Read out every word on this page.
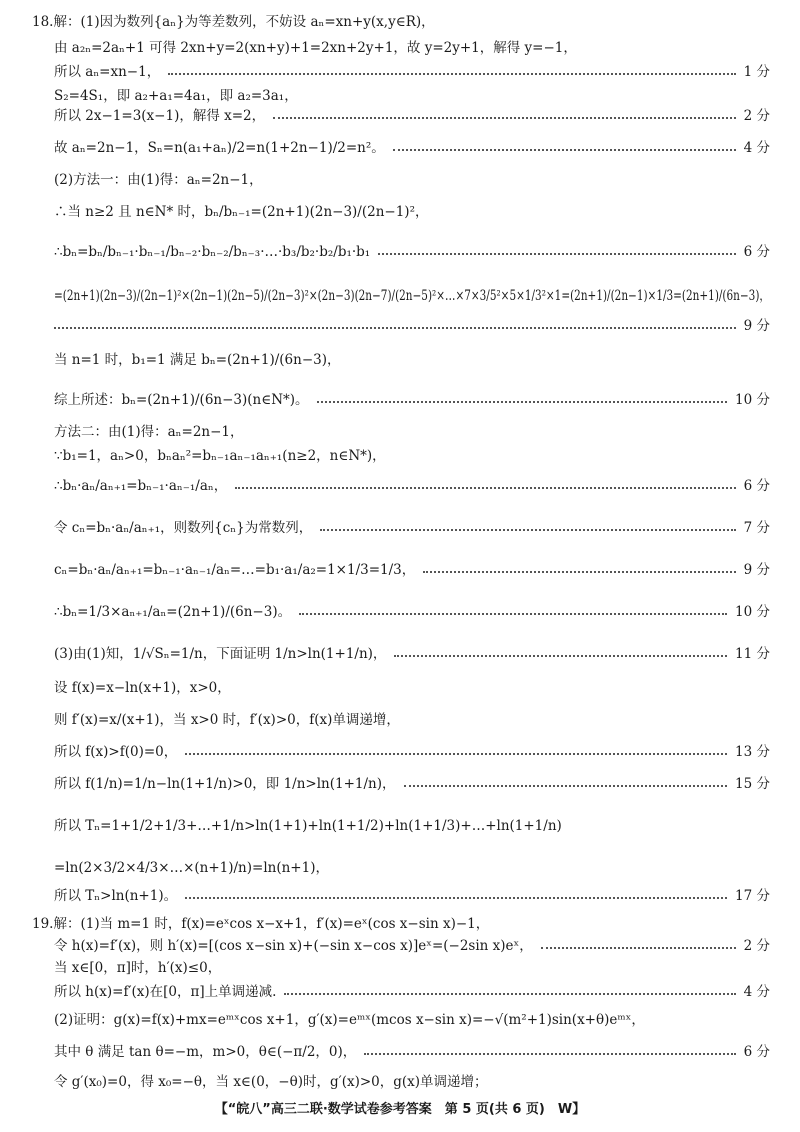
18.解：(1)因为数列{aₙ}为等差数列，不妨设 aₙ=xn+y(x,y∈R)，
由 a₂ₙ=2aₙ+1 可得 2xn+y=2(xn+y)+1=2xn+2y+1，故 y=2y+1，解得 y=−1，
所以 aₙ=xn−1，	1 分
S₂=4S₁，即 a₂+a₁=4a₁，即 a₂=3a₁，
所以 2x−1=3(x−1)，解得 x=2，	2 分
故 aₙ=2n−1，Sₙ=n(a₁+aₙ)/2=n(1+2n−1)/2=n²。	4 分
(2)方法一：由(1)得：aₙ=2n−1，
∴当 n≥2 且 n∈N* 时，bₙ/bₙ₋₁=(2n+1)(2n−3)/(2n−1)²，
∴bₙ=bₙ/bₙ₋₁·bₙ₋₁/bₙ₋₂·bₙ₋₂/bₙ₋₃·…·b₃/b₂·b₂/b₁·b₁	6 分
=(2n+1)(2n−3)/(2n−1)²×(2n−1)(2n−5)/(2n−3)²×(2n−3)(2n−7)/(2n−5)²×…×7×3/5²×5×1/3²×1=(2n+1)/(2n−1)×1/3=(2n+1)/(6n−3)，
9 分
当 n=1 时，b₁=1 满足 bₙ=(2n+1)/(6n−3)，
综上所述：bₙ=(2n+1)/(6n−3)(n∈N*)。	10 分
方法二：由(1)得：aₙ=2n−1，
∵b₁=1，aₙ>0，bₙaₙ²=bₙ₋₁aₙ₋₁aₙ₊₁(n≥2，n∈N*)，
∴bₙ·aₙ/aₙ₊₁=bₙ₋₁·aₙ₋₁/aₙ，	6 分
令 cₙ=bₙ·aₙ/aₙ₊₁，则数列{cₙ}为常数列，	7 分
cₙ=bₙ·aₙ/aₙ₊₁=bₙ₋₁·aₙ₋₁/aₙ=…=b₁·a₁/a₂=1×1/3=1/3，	9 分
∴bₙ=1/3×aₙ₊₁/aₙ=(2n+1)/(6n−3)。	10 分
(3)由(1)知，1/√Sₙ=1/n，下面证明 1/n>ln(1+1/n)，	11 分
设 f(x)=x−ln(x+1)，x>0，
则 f′(x)=x/(x+1)，当 x>0 时，f′(x)>0，f(x)单调递增，
所以 f(x)>f(0)=0，	13 分
所以 f(1/n)=1/n−ln(1+1/n)>0，即 1/n>ln(1+1/n)，	15 分
所以 Tₙ=1+1/2+1/3+…+1/n>ln(1+1)+ln(1+1/2)+ln(1+1/3)+…+ln(1+1/n)
=ln(2×3/2×4/3×…×(n+1)/n)=ln(n+1)，
所以 Tₙ>ln(n+1)。	17 分
19.解：(1)当 m=1 时，f(x)=eˣcos x−x+1，f′(x)=eˣ(cos x−sin x)−1，
令 h(x)=f′(x)，则 h′(x)=[(cos x−sin x)+(−sin x−cos x)]eˣ=(−2sin x)eˣ，	2 分
当 x∈[0，π]时，h′(x)≤0，
所以 h(x)=f′(x)在[0，π]上单调递减.	4 分
(2)证明：g(x)=f(x)+mx=eᵐˣcos x+1，g′(x)=eᵐˣ(mcos x−sin x)=−√(m²+1)sin(x+θ)eᵐˣ，
其中 θ 满足 tan θ=−m，m>0，θ∈(−π/2，0)，	6 分
令 g′(x₀)=0，得 x₀=−θ，当 x∈(0，−θ)时，g′(x)>0，g(x)单调递增；
【“皖八”高三二联·数学试卷参考答案　第 5 页(共 6 页)　W】
